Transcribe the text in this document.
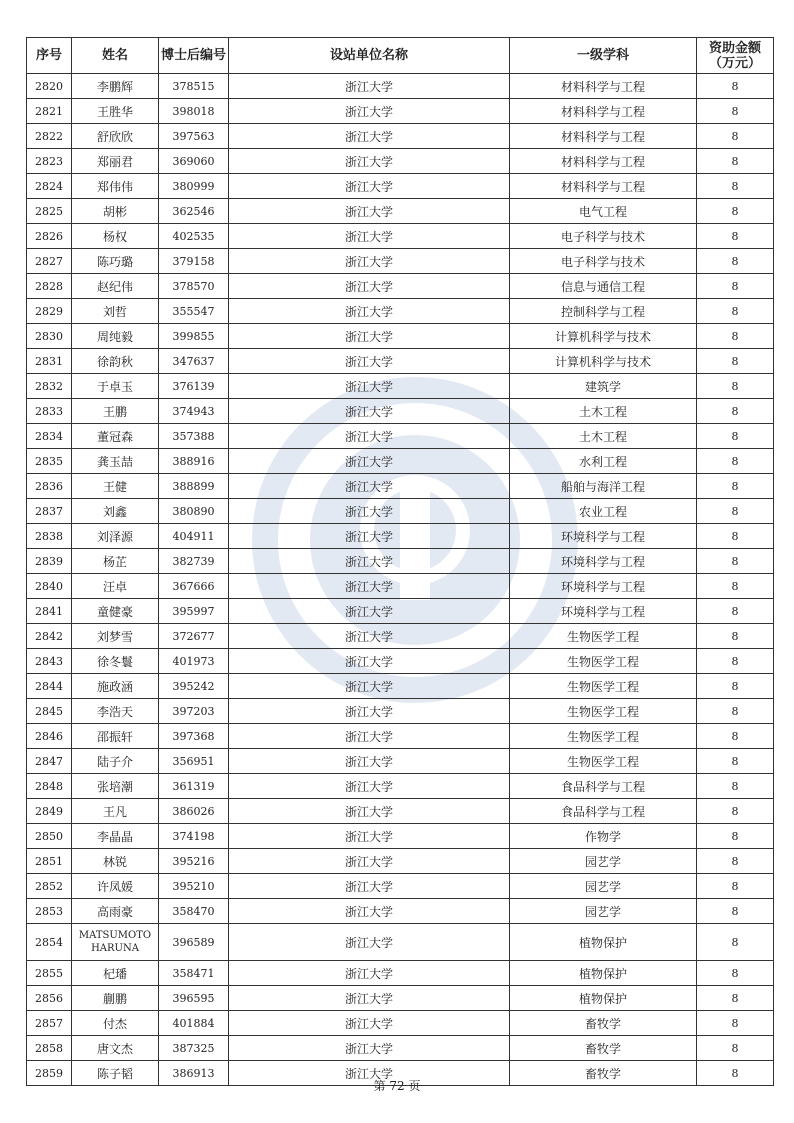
序号	姓名	博士后编号	设站单位名称	一级学科	资助金额（万元）
2820	李鹏辉	378515	浙江大学	材料科学与工程	8
2821	王胜华	398018	浙江大学	材料科学与工程	8
2822	舒欣欣	397563	浙江大学	材料科学与工程	8
2823	郑丽君	369060	浙江大学	材料科学与工程	8
2824	郑伟伟	380999	浙江大学	材料科学与工程	8
2825	胡彬	362546	浙江大学	电气工程	8
2826	杨权	402535	浙江大学	电子科学与技术	8
2827	陈巧璐	379158	浙江大学	电子科学与技术	8
2828	赵纪伟	378570	浙江大学	信息与通信工程	8
2829	刘哲	355547	浙江大学	控制科学与工程	8
2830	周纯毅	399855	浙江大学	计算机科学与技术	8
2831	徐韵秋	347637	浙江大学	计算机科学与技术	8
2832	于卓玉	376139	浙江大学	建筑学	8
2833	王鹏	374943	浙江大学	土木工程	8
2834	董冠森	357388	浙江大学	土木工程	8
2835	龚玉喆	388916	浙江大学	水利工程	8
2836	王健	388899	浙江大学	船舶与海洋工程	8
2837	刘鑫	380890	浙江大学	农业工程	8
2838	刘泽源	404911	浙江大学	环境科学与工程	8
2839	杨芷	382739	浙江大学	环境科学与工程	8
2840	汪卓	367666	浙江大学	环境科学与工程	8
2841	童健豪	395997	浙江大学	环境科学与工程	8
2842	刘梦雪	372677	浙江大学	生物医学工程	8
2843	徐冬鬟	401973	浙江大学	生物医学工程	8
2844	施政涵	395242	浙江大学	生物医学工程	8
2845	李浩天	397203	浙江大学	生物医学工程	8
2846	邵振轩	397368	浙江大学	生物医学工程	8
2847	陆子介	356951	浙江大学	生物医学工程	8
2848	张培潮	361319	浙江大学	食品科学与工程	8
2849	王凡	386026	浙江大学	食品科学与工程	8
2850	李晶晶	374198	浙江大学	作物学	8
2851	林锐	395216	浙江大学	园艺学	8
2852	许凤媛	395210	浙江大学	园艺学	8
2853	高雨豪	358470	浙江大学	园艺学	8
2854	MATSUMOTO HARUNA	396589	浙江大学	植物保护	8
2855	杞璠	358471	浙江大学	植物保护	8
2856	蒯鹏	396595	浙江大学	植物保护	8
2857	付杰	401884	浙江大学	畜牧学	8
2858	唐文杰	387325	浙江大学	畜牧学	8
2859	陈子韬	386913	浙江大学	畜牧学	8
第 72 页
